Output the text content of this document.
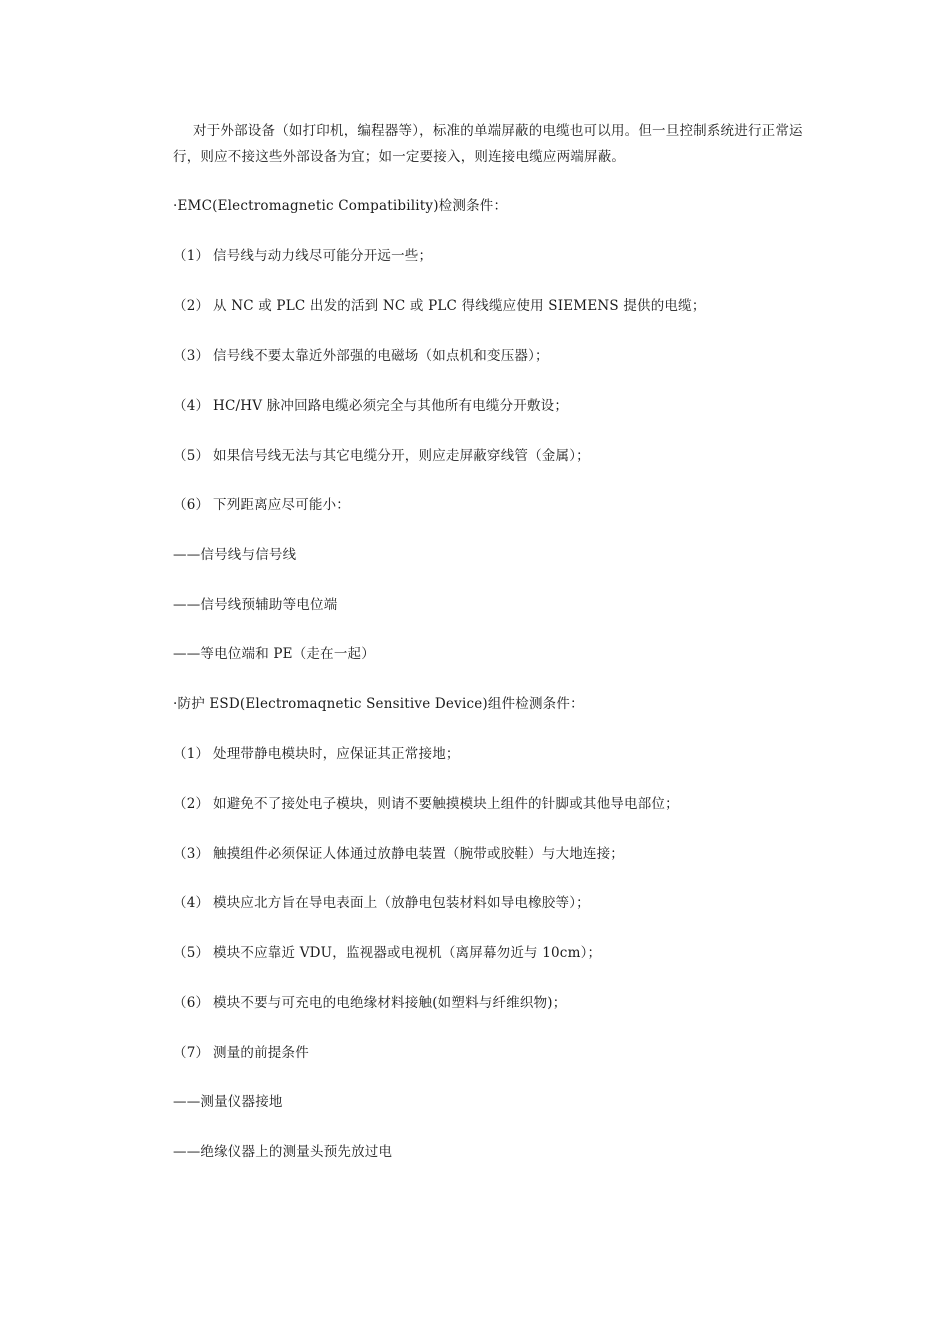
对于外部设备（如打印机，编程器等），标准的单端屏蔽的电缆也可以用。但一旦控制系统进行正常运行，则应不接这些外部设备为宜；如一定要接入，则连接电缆应两端屏蔽。

·EMC(Electromagnetic Compatibility)检测条件：
（1） 信号线与动力线尽可能分开远一些；
（2） 从 NC 或 PLC 出发的活到 NC 或 PLC 得线缆应使用 SIEMENS 提供的电缆；
（3） 信号线不要太靠近外部强的电磁场（如点机和变压器）；
（4） HC/HV 脉冲回路电缆必须完全与其他所有电缆分开敷设；
（5） 如果信号线无法与其它电缆分开，则应走屏蔽穿线管（金属）；
（6） 下列距离应尽可能小：
——信号线与信号线
——信号线预辅助等电位端
——等电位端和 PE（走在一起）
·防护 ESD(Electromaqnetic Sensitive Device)组件检测条件：
（1） 处理带静电模块时，应保证其正常接地；
（2） 如避免不了接处电子模块，则请不要触摸模块上组件的针脚或其他导电部位；
（3） 触摸组件必须保证人体通过放静电装置（腕带或胶鞋）与大地连接；
（4） 模块应北方旨在导电表面上（放静电包装材料如导电橡胶等）；
（5） 模块不应靠近 VDU，监视器或电视机（离屏幕勿近与 10cm）；
（6） 模块不要与可充电的电绝缘材料接触(如塑料与纤维织物)；
（7） 测量的前提条件
——测量仪器接地
——绝缘仪器上的测量头预先放过电
